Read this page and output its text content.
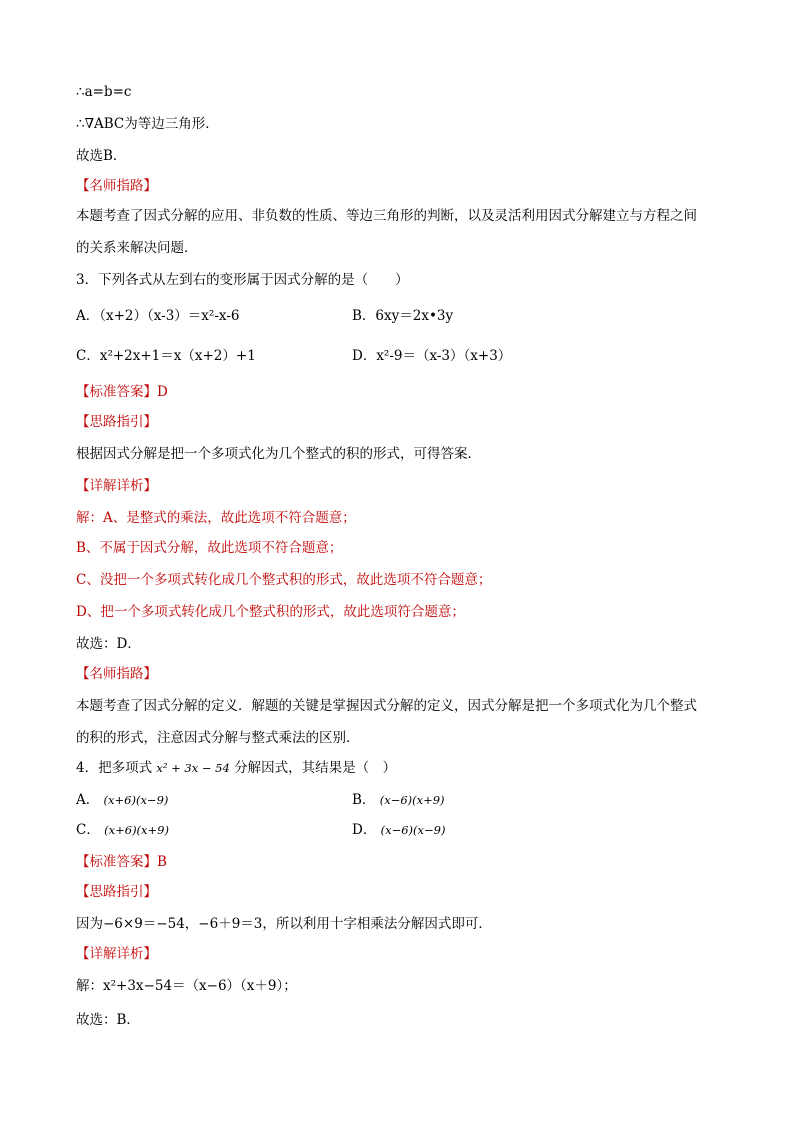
∴a=b=c
∴∇ABC为等边三角形．
故选B．
【名师指路】
本题考查了因式分解的应用、非负数的性质、等边三角形的判断，以及灵活利用因式分解建立与方程之间
的关系来解决问题．
3．下列各式从左到右的变形属于因式分解的是（　　）
A．（x+2）（x-3）＝x²-x-6	B．6xy＝2x•3y
C．x²+2x+1＝x（x+2）+1	D．x²-9＝（x-3）（x+3）
【标准答案】D
【思路指引】
根据因式分解是把一个多项式化为几个整式的积的形式，可得答案．
【详解详析】
解：A、是整式的乘法，故此选项不符合题意；
B、不属于因式分解，故此选项不符合题意；
C、没把一个多项式转化成几个整式积的形式，故此选项不符合题意；
D、把一个多项式转化成几个整式积的形式，故此选项符合题意；
故选：D．
【名师指路】
本题考查了因式分解的定义．解题的关键是掌握因式分解的定义，因式分解是把一个多项式化为几个整式
的积的形式，注意因式分解与整式乘法的区别．
4．把多项式 x² + 3x − 54 分解因式，其结果是（　）
A． (x+6)(x−9)	B． (x−6)(x+9)
C． (x+6)(x+9)	D． (x−6)(x−9)
【标准答案】B
【思路指引】
因为−6×9＝−54，−6＋9＝3，所以利用十字相乘法分解因式即可．
【详解详析】
解：x²+3x−54＝（x−6）（x＋9）；
故选：B．
